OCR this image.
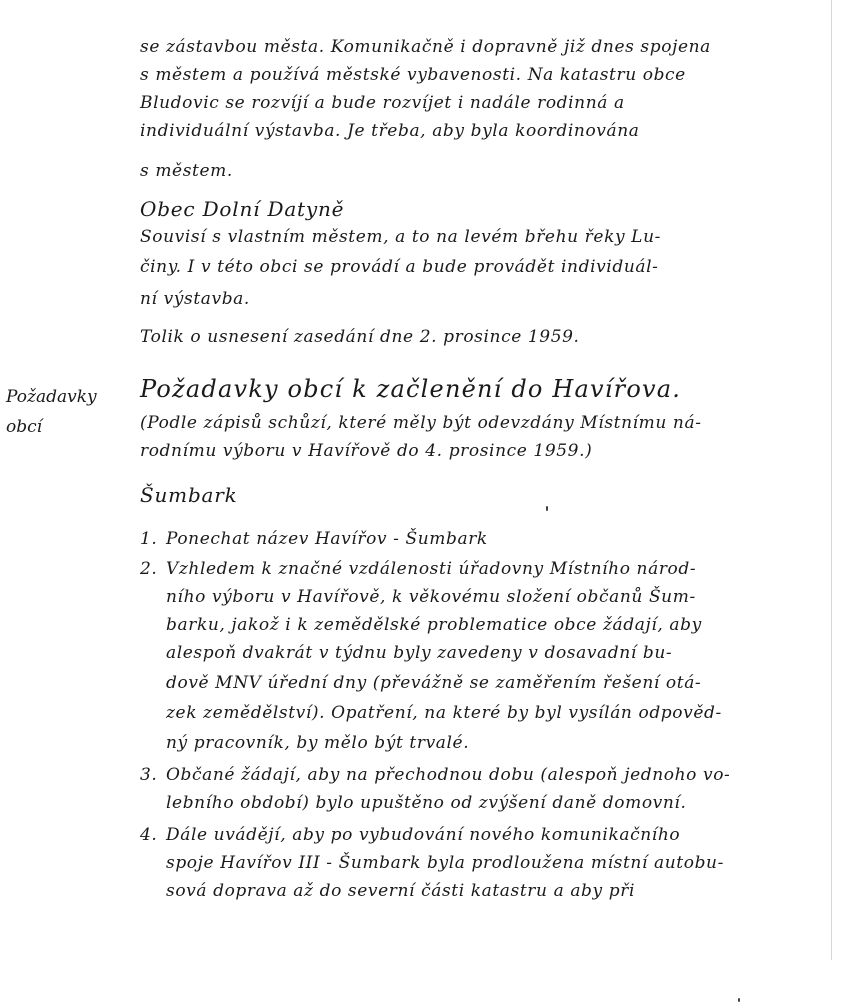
se zástavbou města. Komunikačně i dopravně již dnes spojena
s městem a používá městské vybavenosti. Na katastru obce
Bludovic se rozvíjí a bude rozvíjet i nadále rodinná a
individuální výstavba. Je třeba, aby byla koordinována
s městem.
Obec Dolní Datyně
Souvisí s vlastním městem, a to na levém břehu řeky Lu-
činy. I v této obci se provádí a bude provádět individuál-
ní výstavba.
Tolik o usnesení zasedání dne 2. prosince 1959.
Požadavky
obcí
Požadavky obcí k začlenění do Havířova.
(Podle zápisů schůzí, které měly být odevzdány Místnímu ná-
rodnímu výboru v Havířově do 4. prosince 1959.)
Šumbark
1. Ponechat název Havířov - Šumbark
2. Vzhledem k značné vzdálenosti úřadovny Místního národ-
ního výboru v Havířově, k věkovému složení občanů Šum-
barku, jakož i k zemědělské problematice obce žádají, aby
alespoň dvakrát v týdnu byly zavedeny v dosavadní bu-
dově MNV úřední dny (převážně se zaměřením řešení otá-
zek zemědělství). Opatření, na které by byl vysílán odpověd-
ný pracovník, by mělo být trvalé.
3. Občané žádají, aby na přechodnou dobu (alespoň jednoho vo-
lebního období) bylo upuštěno od zvýšení daně domovní.
4. Dále uvádějí, aby po vybudování nového komunikačního
spoje Havířov III - Šumbark byla prodloužena místní autobu-
sová doprava až do severní části katastru a aby při
